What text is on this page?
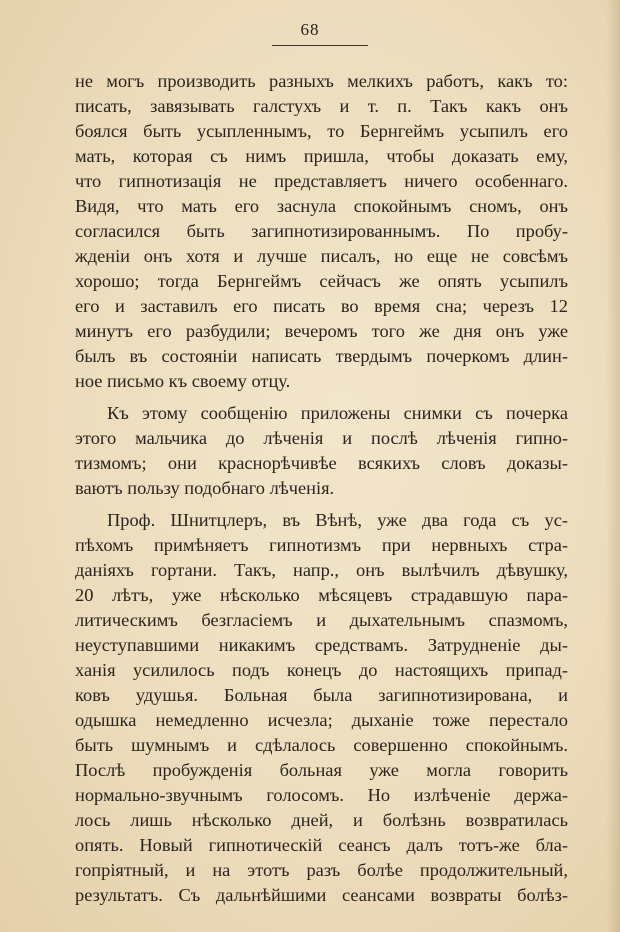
68
не могъ производить разныхъ мелкихъ работъ, какъ то:
писать, завязывать галстухъ и т. п. Такъ какъ онъ
боялся быть усыпленнымъ, то Бернгеймъ усыпилъ его
мать, которая съ нимъ пришла, чтобы доказать ему,
что гипнотизація не представляетъ ничего особеннаго.
Видя, что мать его заснула спокойнымъ сномъ, онъ
согласился быть загипнотизированнымъ. По пробу-
жденіи онъ хотя и лучше писалъ, но еще не совсѣмъ
хорошо; тогда Бернгеймъ сейчасъ же опять усыпилъ
его и заставилъ его писать во время сна; черезъ 12
минутъ его разбудили; вечеромъ того же дня онъ уже
былъ въ состояніи написать твердымъ почеркомъ длин-
ное письмо къ своему отцу.
Къ этому сообщенію приложены снимки съ почерка
этого мальчика до лѣченія и послѣ лѣченія гипно-
тизмомъ; они краснорѣчивѣе всякихъ словъ доказы-
ваютъ пользу подобнаго лѣченія.
Проф. Шнитцлеръ, въ Вѣнѣ, уже два года съ ус-
пѣхомъ примѣняетъ гипнотизмъ при нервныхъ стра-
даніяхъ гортани. Такъ, напр., онъ вылѣчилъ дѣвушку,
20 лѣтъ, уже нѣсколько мѣсяцевъ страдавшую пара-
литическимъ безгласіемъ и дыхательнымъ спазмомъ,
неуступавшими никакимъ средствамъ. Затрудненіе ды-
ханія усилилось подъ конецъ до настоящихъ припад-
ковъ удушья. Больная была загипнотизирована, и
одышка немедленно исчезла; дыханіе тоже перестало
быть шумнымъ и сдѣлалось совершенно спокойнымъ.
Послѣ пробужденія больная уже могла говорить
нормально-звучнымъ голосомъ. Но излѣченіе держа-
лось лишь нѣсколько дней, и болѣзнь возвратилась
опять. Новый гипнотическій сеансъ далъ тотъ-же бла-
гопріятный, и на этотъ разъ болѣе продолжительный,
результатъ. Съ дальнѣйшими сеансами возвраты болѣз-
